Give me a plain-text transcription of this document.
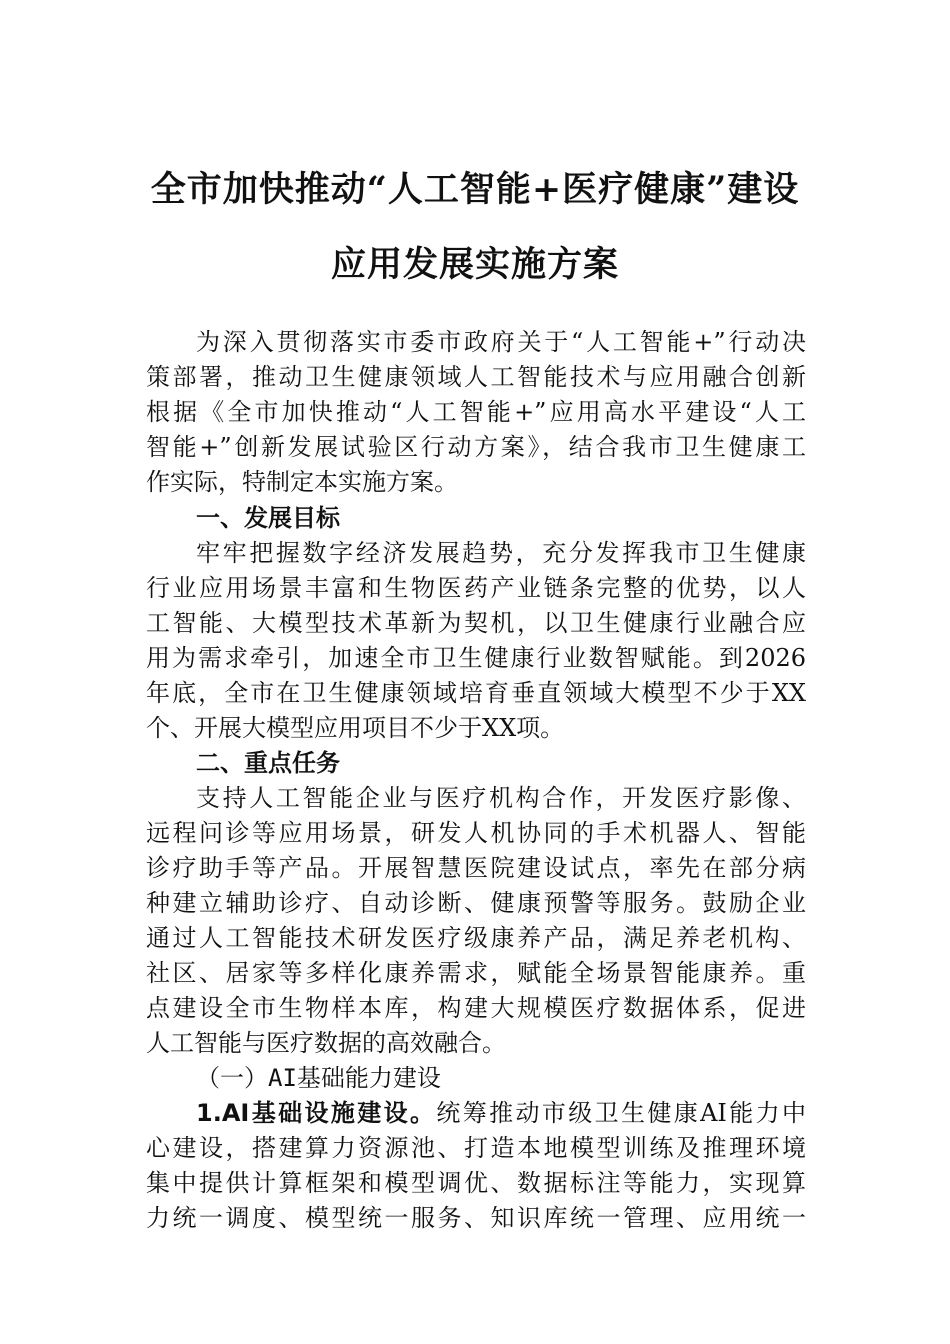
全市加快推动“人工智能+医疗健康”建设
应用发展实施方案
为深入贯彻落实市委市政府关于“人工智能+”行动决
策部署，推动卫生健康领域人工智能技术与应用融合创新
根据《全市加快推动“人工智能+”应用高水平建设“人工
智能+”创新发展试验区行动方案》，结合我市卫生健康工
作实际，特制定本实施方案。
一、发展目标
牢牢把握数字经济发展趋势，充分发挥我市卫生健康
行业应用场景丰富和生物医药产业链条完整的优势，以人
工智能、大模型技术革新为契机，以卫生健康行业融合应
用为需求牵引，加速全市卫生健康行业数智赋能。到2026
年底，全市在卫生健康领域培育垂直领域大模型不少于XX
个、开展大模型应用项目不少于XX项。
二、重点任务
支持人工智能企业与医疗机构合作，开发医疗影像、
远程问诊等应用场景，研发人机协同的手术机器人、智能
诊疗助手等产品。开展智慧医院建设试点，率先在部分病
种建立辅助诊疗、自动诊断、健康预警等服务。鼓励企业
通过人工智能技术研发医疗级康养产品，满足养老机构、
社区、居家等多样化康养需求，赋能全场景智能康养。重
点建设全市生物样本库，构建大规模医疗数据体系，促进
人工智能与医疗数据的高效融合。
（一）AI基础能力建设
1.AI基础设施建设。统筹推动市级卫生健康AI能力中
心建设，搭建算力资源池、打造本地模型训练及推理环境
集中提供计算框架和模型调优、数据标注等能力，实现算
力统一调度、模型统一服务、知识库统一管理、应用统一
